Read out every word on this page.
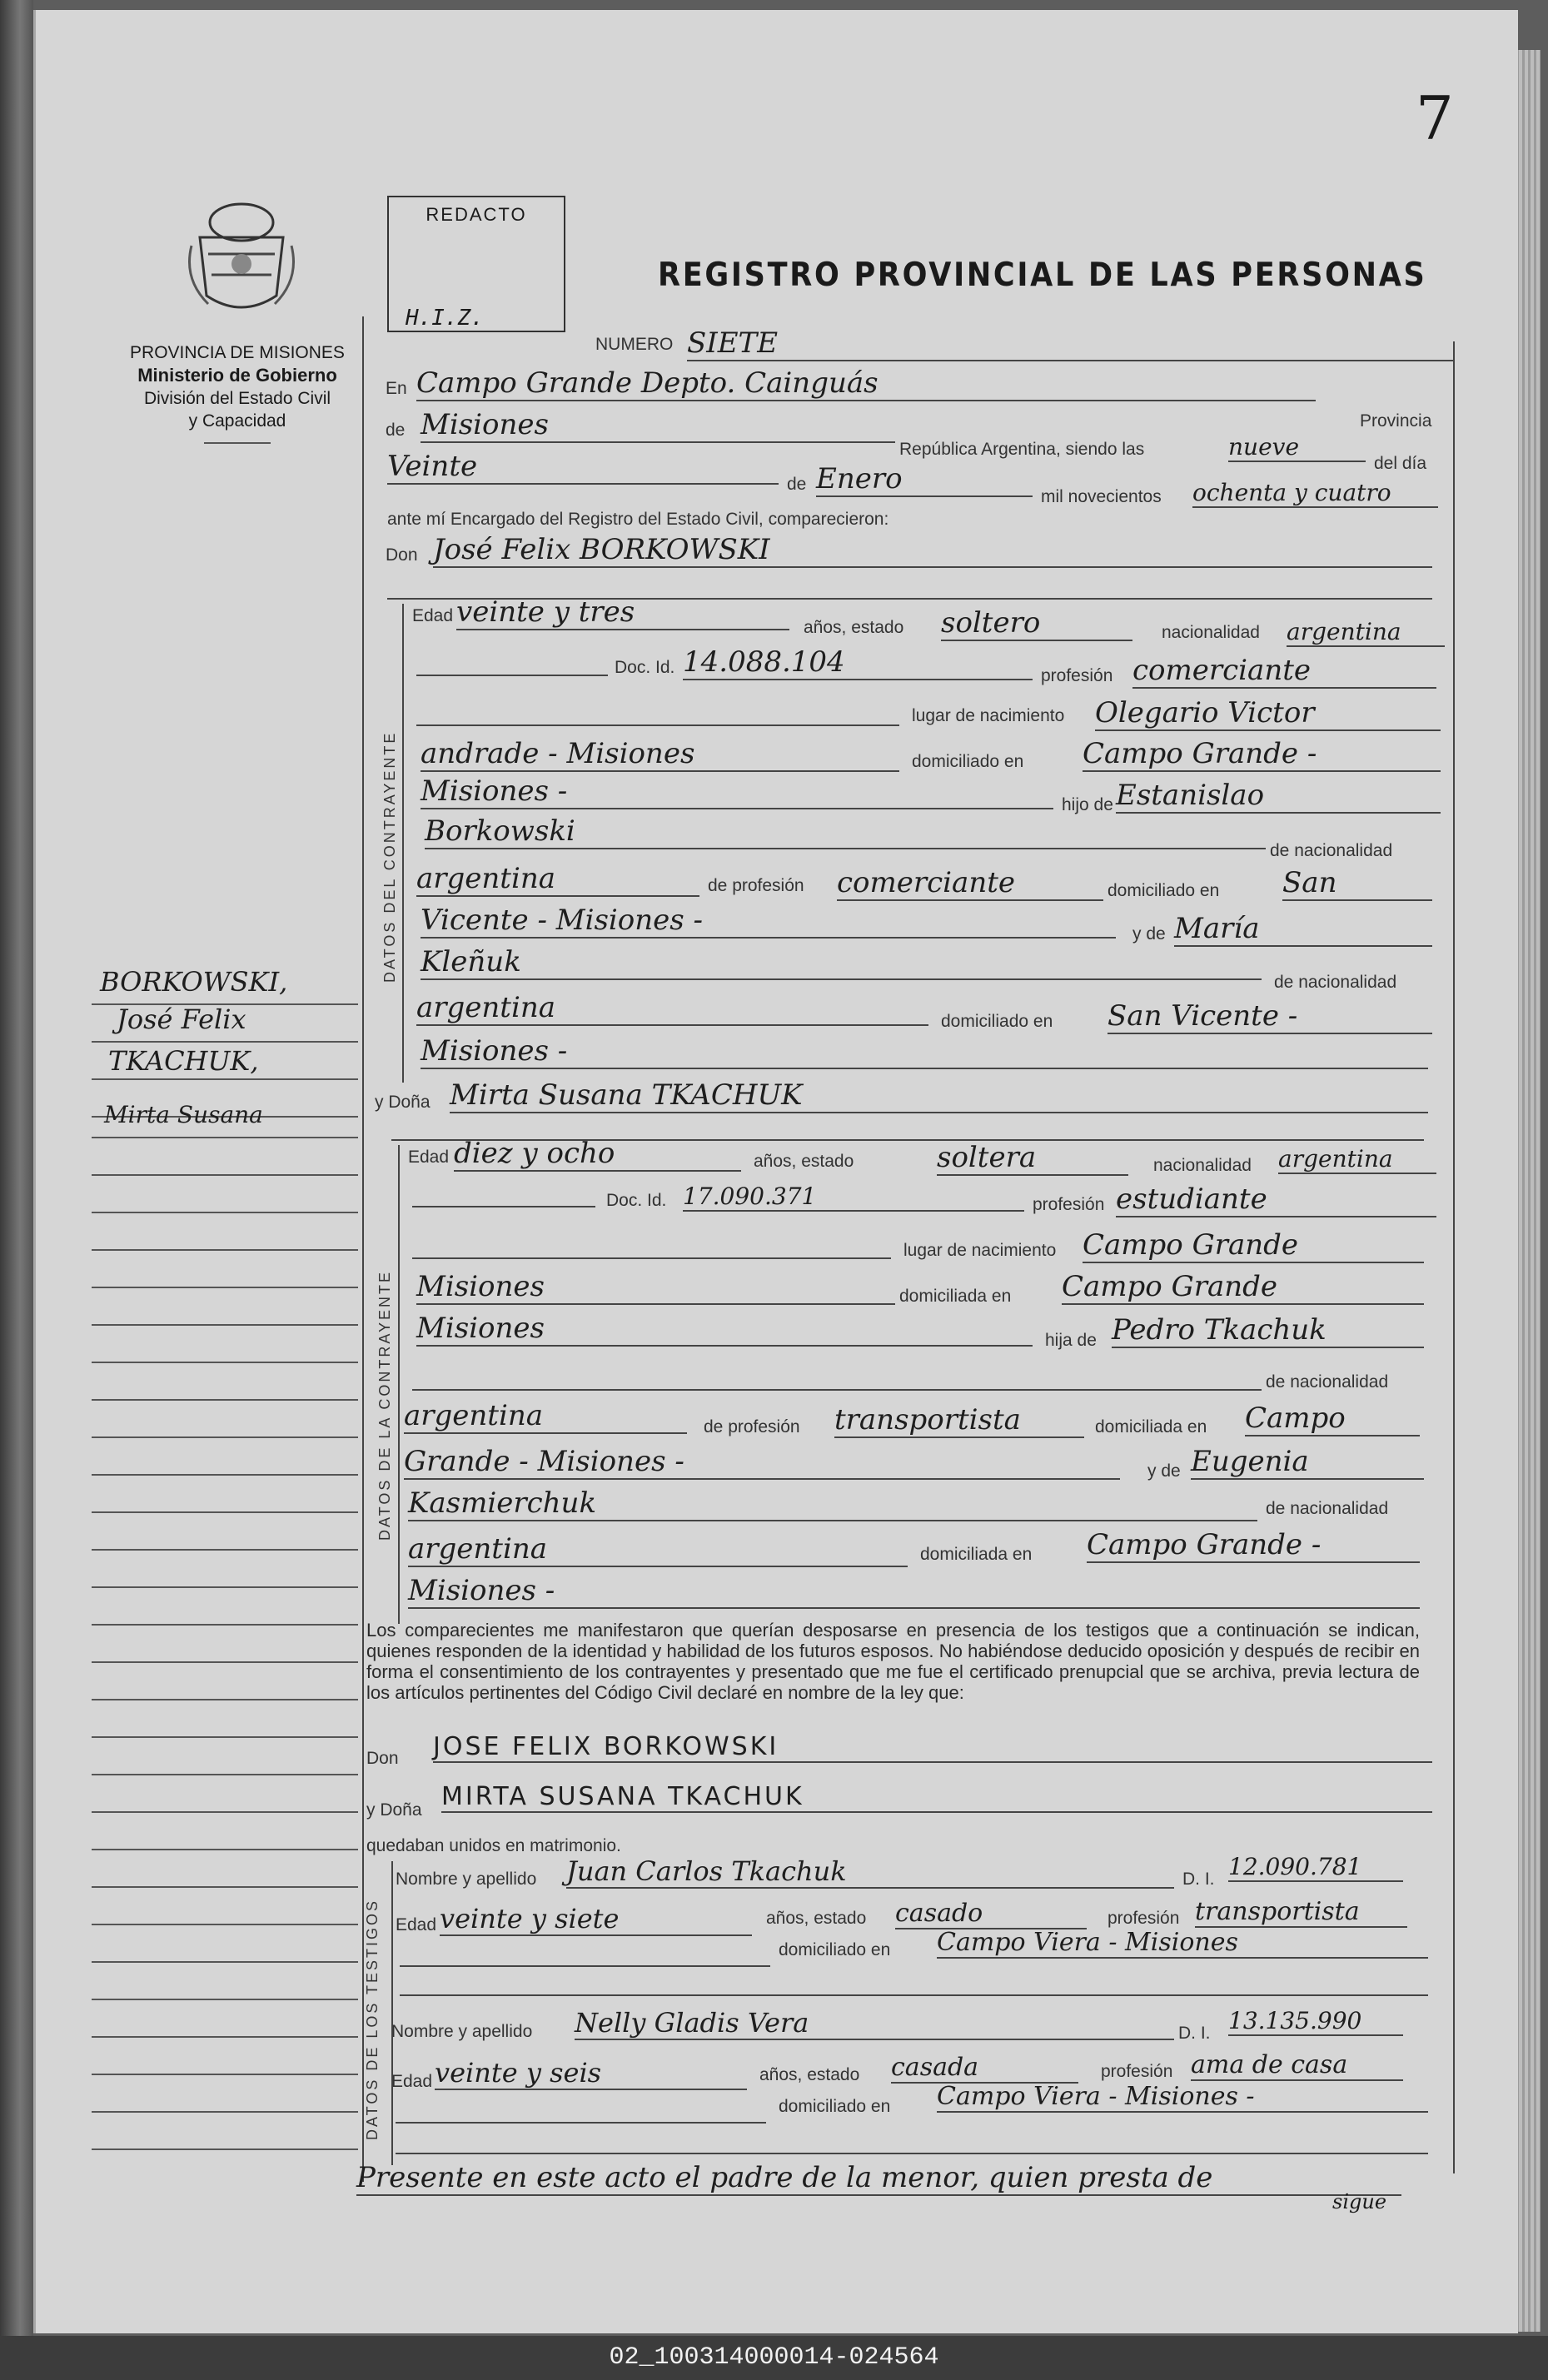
7
PROVINCIA DE MISIONES
Ministerio de Gobierno
División del Estado Civil
y Capacidad
REDACTO
H.I.Z.
REGISTRO PROVINCIAL DE LAS PERSONAS
NUMERO SIETE
En Campo Grande Depto. Cainguás
Provincia
de Misiones
República Argentina, siendo las	nueve
del día
Veinte
de Enero
mil novecientos ochenta y cuatro
ante mí Encargado del Registro del Estado Civil, comparecieron:
Don José Felix BORKOWSKI
DATOS DEL CONTRAYENTE
Edad veinte y tres	años, estado soltero	nacionalidad argentina
Doc. Id. 14.088.104	profesión comerciante
lugar de nacimiento Olegario Victor
andrade - Misiones	domiciliado en Campo Grande -
Misiones -	hijo de Estanislao
Borkowski
de nacionalidad
argentina	de profesión comerciante	domiciliado en San
Vicente - Misiones -	y de María
Kleñuk
de nacionalidad
argentina	domiciliado en San Vicente -
Misiones -
y Doña Mirta Susana TKACHUK
DATOS DE LA CONTRAYENTE
Edad diez y ocho	años, estado	soltera	nacionalidad argentina
Doc. Id. 17.090.371	profesión estudiante
lugar de nacimiento Campo Grande
Misiones	domiciliada en Campo Grande
Misiones	hija de Pedro Tkachuk
de nacionalidad
argentina	de profesión transportista	domiciliada en Campo
Grande - Misiones -	y de Eugenia
Kasmierchuk	de nacionalidad
argentina	domiciliada en Campo Grande -
Misiones -
Los comparecientes me manifestaron que querían desposarse en presencia de los testigos que a continuación se indican, quienes responden de la identidad y habilidad de los futuros esposos. No habiéndose deducido oposición y después de recibir en forma el consentimiento de los contrayentes y presentado que me fue el certificado prenupcial que se archiva, previa lectura de los artículos pertinentes del Código Civil declaré en nombre de la ley que:
Don JOSE FELIX BORKOWSKI
y Doña MIRTA SUSANA TKACHUK
quedaban unidos en matrimonio.
DATOS DE LOS TESTIGOS
Nombre y apellido Juan Carlos Tkachuk	D. I. 12.090.781
Edad veinte y siete	años, estado casado	profesión transportista
domiciliado en Campo Viera - Misiones
Nombre y apellido Nelly Gladis Vera	D. I. 13.135.990
Edad veinte y seis	años, estado casada	profesión ama de casa
domiciliado en Campo Viera - Misiones -
Presente en este acto el padre de la menor, quien presta de
sigue
BORKOWSKI,
José Felix
TKACHUK,
Mirta Susana
02_100314000014-024564
